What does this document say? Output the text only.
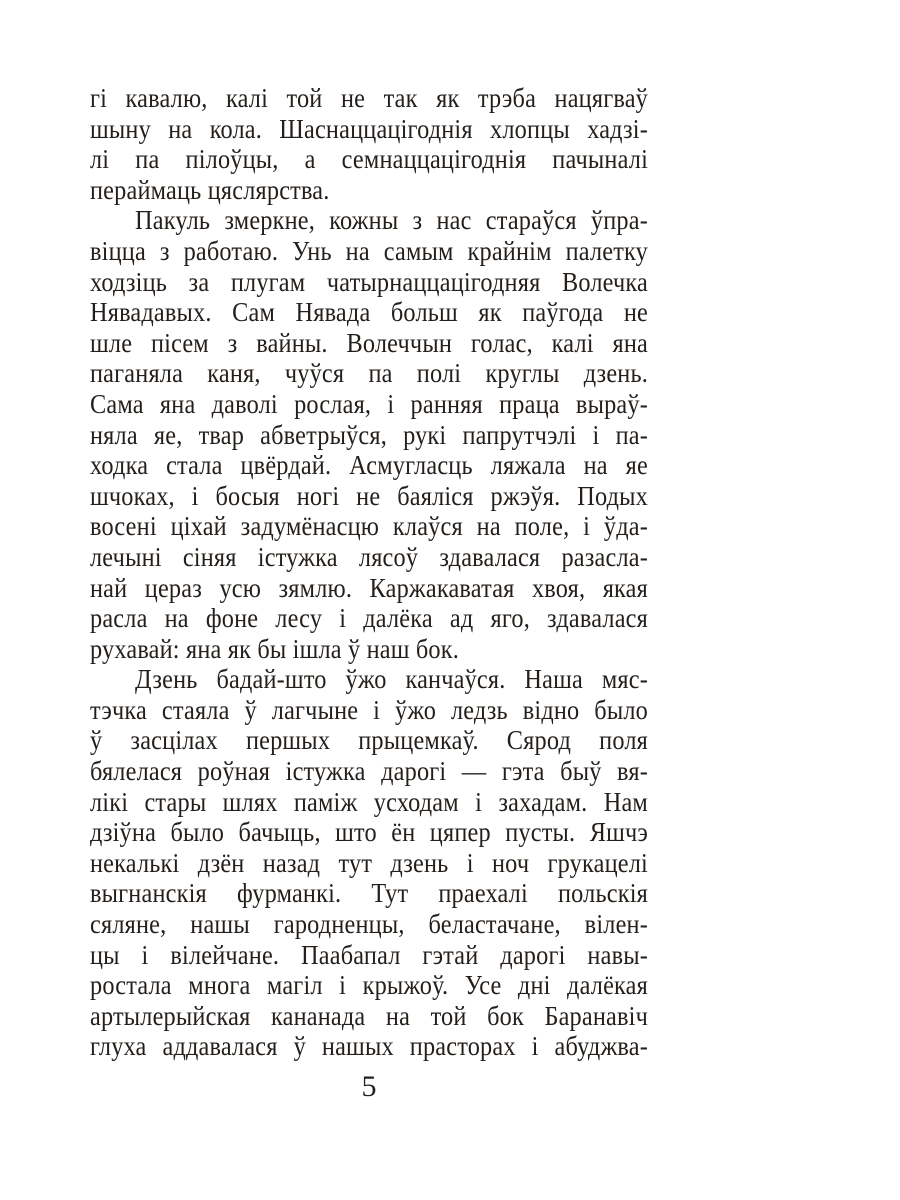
гі кавалю, калі той не так як трэба нацягваў
шыну на кола. Шаснаццацігоднія хлопцы хадзі-
лі па пілоўцы, а семнаццацігоднія пачыналі
пераймаць цяслярства.
Пакуль змеркне, кожны з нас стараўся ўпра-
віцца з работаю. Унь на самым крайнім палетку
ходзіць за плугам чатырнаццацігодняя Волечка
Нявадавых. Сам Нявада больш як паўгода не
шле пісем з вайны. Волеччын голас, калі яна
паганяла каня, чуўся па полі круглы дзень.
Сама яна даволі рослая, і ранняя праца выраў-
няла яе, твар абветрыўся, рукі папрутчэлі і па-
ходка стала цвёрдай. Асмугласць ляжала на яе
шчоках, і босыя ногі не баяліся ржэўя. Подых
восені ціхай задумёнасцю клаўся на поле, і ўда-
лечыні сіняя істужка лясоў здавалася разасла-
най цераз усю зямлю. Каржакаватая хвоя, якая
расла на фоне лесу і далёка ад яго, здавалася
рухавай: яна як бы ішла ў наш бок.
Дзень бадай-што ўжо канчаўся. Наша мяс-
тэчка стаяла ў лагчыне і ўжо ледзь відно было
ў засцілах першых прыцемкаў. Сярод поля
бялелася роўная істужка дарогі — гэта быў вя-
лікі стары шлях паміж усходам і захадам. Нам
дзіўна было бачыць, што ён цяпер пусты. Яшчэ
некалькі дзён назад тут дзень і ноч грукацелі
выгнанскія фурманкі. Тут праехалі польскія
сяляне, нашы гародненцы, беластачане, вілен-
цы і вілейчане. Паабапал гэтай дарогі навы-
ростала многа магіл і крыжоў. Усе дні далёкая
артылерыйская кананада на той бок Баранавіч
глуха аддавалася ў нашых прасторах і абуджва-
5
